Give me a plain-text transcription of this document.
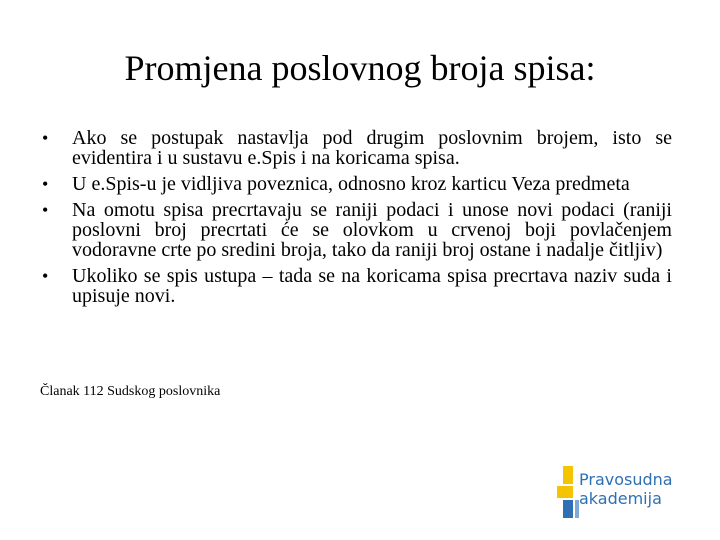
Promjena poslovnog broja spisa:
• Ako se postupak nastavlja pod drugim poslovnim brojem, isto se evidentira i u sustavu e.Spis i na koricama spisa.
• U e.Spis-u je vidljiva poveznica, odnosno kroz karticu Veza predmeta
• Na omotu spisa precrtavaju se raniji podaci i unose novi podaci (raniji poslovni broj precrtati će se olovkom u crvenoj boji povlačenjem vodoravne crte po sredini broja, tako da raniji broj ostane i nadalje čitljiv)
• Ukoliko se spis ustupa – tada se na koricama spisa precrtava naziv suda i upisuje novi.

Članak 112 Sudskog poslovnika

Pravosudna
akademija
